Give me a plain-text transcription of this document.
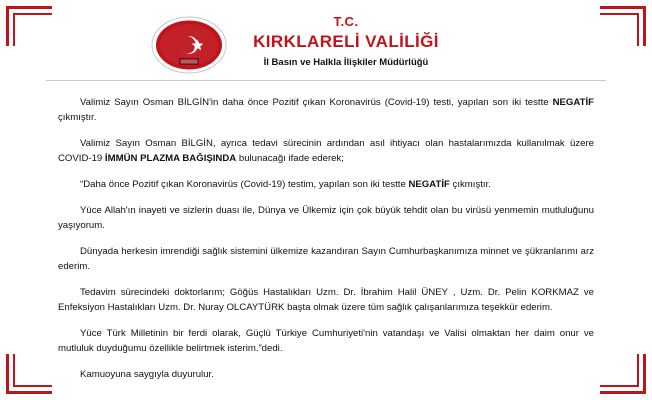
T.C.
KIRKLARELİ VALİLİĞİ
İl Basın ve Halkla İlişkiler Müdürlüğü

Valimiz Sayın Osman BİLGİN'in daha önce Pozitif çıkan Koronavirüs (Covid-19) testi, yapılan son iki testte NEGATİF çıkmıştır.

Valimiz Sayın Osman BİLGİN, ayrıca tedavi sürecinin ardından asıl ihtiyacı olan hastalarımızda kullanılmak üzere COVID-19 İMMÜN PLAZMA BAĞIŞINDA bulunacağı ifade ederek;

“Daha önce Pozitif çıkan Koronavirüs (Covid-19) testim, yapılan son iki testte NEGATİF çıkmıştır.

Yüce Allah'ın inayeti ve sizlerin duası ile, Dünya ve Ülkemiz için çok büyük tehdit olan bu virüsü yenmemin mutluluğunu yaşıyorum.

Dünyada herkesin imrendiği sağlık sistemini ülkemize kazandıran Sayın Cumhurbaşkanımıza minnet ve şükranlarımı arz ederim.

Tedavim sürecindeki doktorlarım; Göğüs Hastalıkları Uzm. Dr. İbrahim Halil ÜNEY , Uzm. Dr. Pelin KORKMAZ ve Enfeksiyon Hastalıkları Uzm. Dr. Nuray OLCAYTÜRK başta olmak üzere tüm sağlık çalışanlarımıza teşekkür ederim.

Yüce Türk Milletinin bir ferdi olarak, Güçlü Türkiye Cumhuriyeti'nin vatandaşı ve Valisi olmaktan her daim onur ve mutluluk duyduğumu özellikle belirtmek isterim.”dedi.

Kamuoyuna saygıyla duyurulur.
